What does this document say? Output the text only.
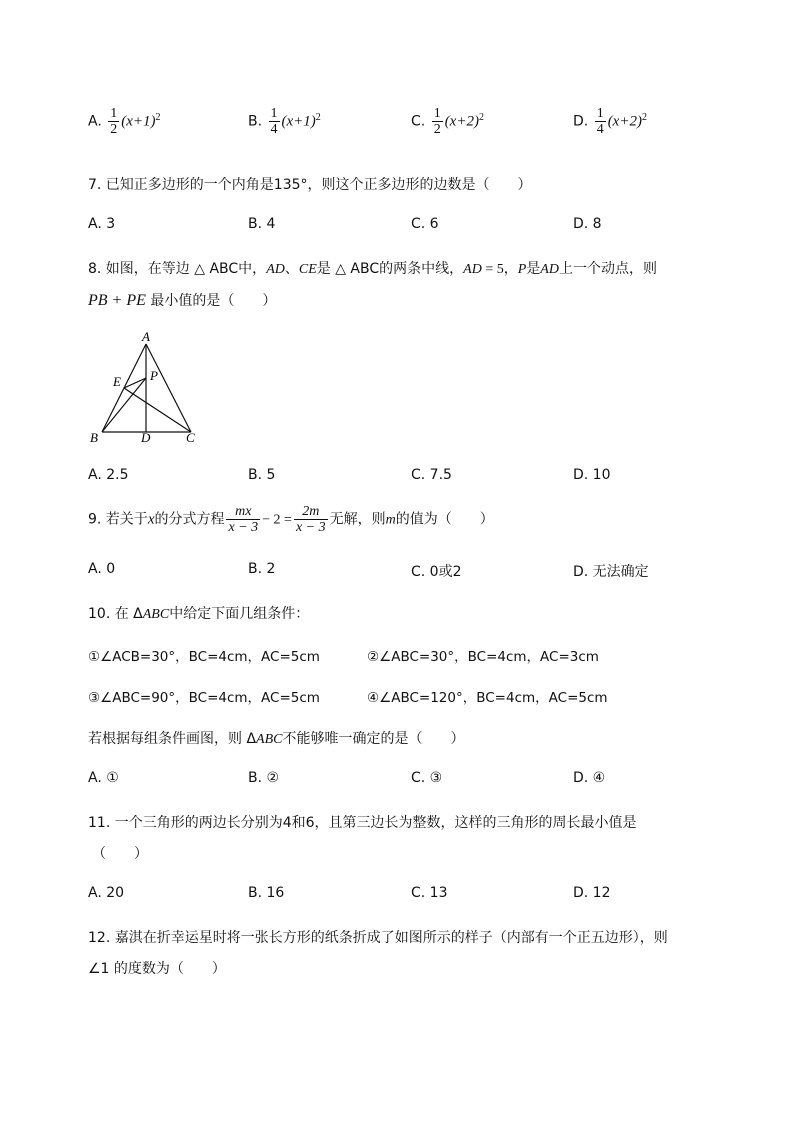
A. $\frac{1}{2} (x+1)^2$	B. $\frac{1}{4} (x+1)^2$	C. $\frac{1}{2} (x+2)^2$	D. $\frac{1}{4} (x+2)^2$
7. 已知正多边形的一个内角是135°，则这个正多边形的边数是（　　）
A. 3	B. 4	C. 6	D. 8
8. 如图，在等边 △ ABC中，AD、CE是 △ ABC的两条中线，AD = 5，P是AD上一个动点，则
PB + PE 最小值的是（　　）
A
B	C
D
E P
A. 2.5	B. 5	C. 7.5	D. 10
9. 若关于x的分式方程 $\frac{mx}{x - 3} - 2 = \frac{2m}{x - 3}$ 无解，则m的值为（　　）
A. 0	B. 2	C. 0或2	D. 无法确定
10. 在 ΔABC中给定下面几组条件：
①∠ACB=30°，BC=4cm，AC=5cm	②∠ABC=30°，BC=4cm，AC=3cm
③∠ABC=90°，BC=4cm，AC=5cm	④∠ABC=120°，BC=4cm，AC=5cm
若根据每组条件画图，则 ΔABC不能够唯一确定的是（　　）
A. ①	B. ②	C. ③	D. ④
11. 一个三角形的两边长分别为4和6，且第三边长为整数，这样的三角形的周长最小值是
（　　）
A. 20	B. 16	C. 13	D. 12
12. 嘉淇在折幸运星时将一张长方形的纸条折成了如图所示的样子（内部有一个正五边形），则
∠1 的度数为（　　）
